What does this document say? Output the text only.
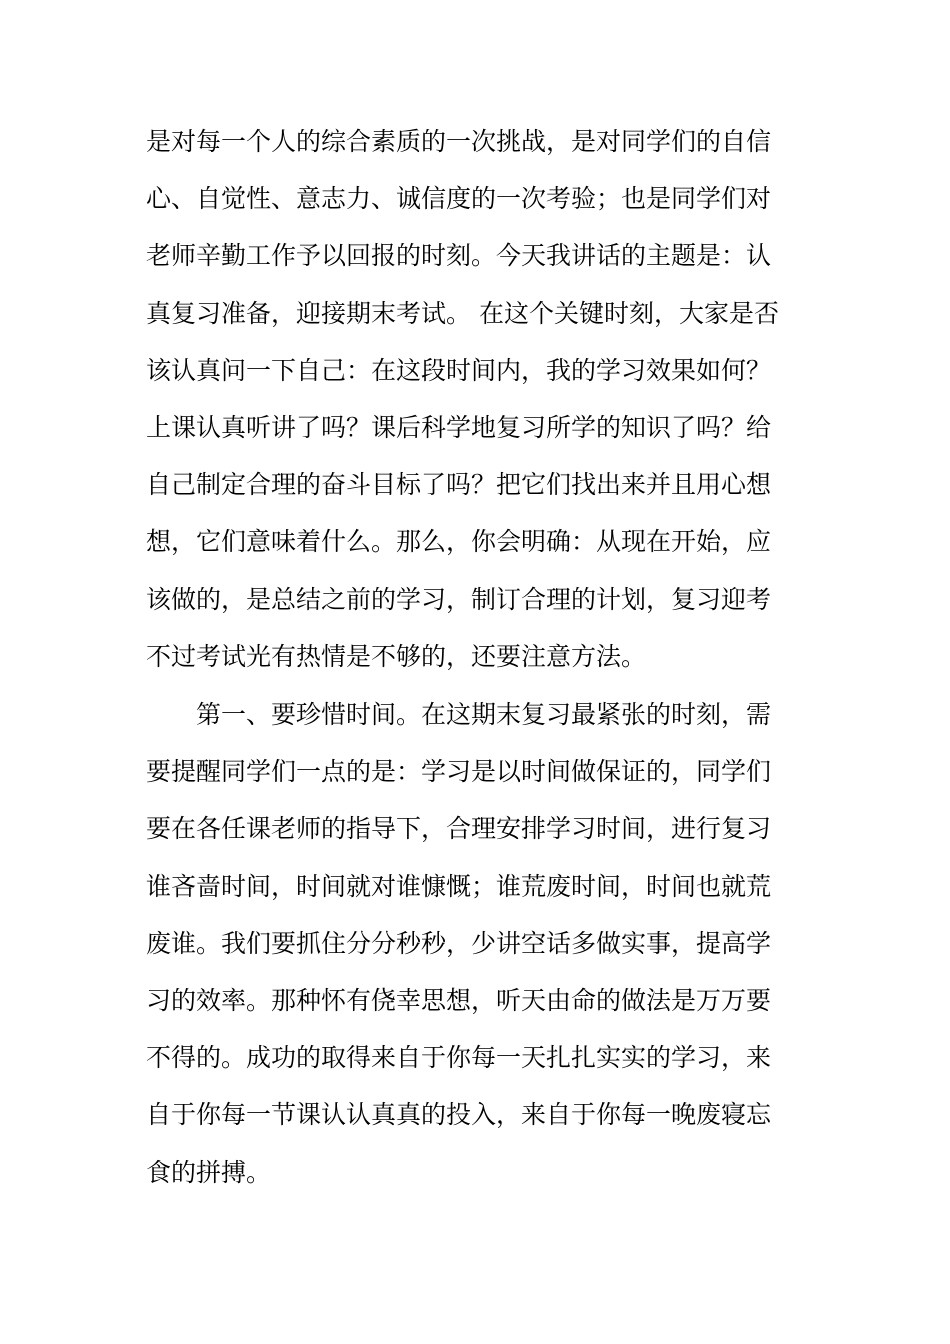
是对每一个人的综合素质的一次挑战，是对同学们的自信
心、自觉性、意志力、诚信度的一次考验；也是同学们对
老师辛勤工作予以回报的时刻。今天我讲话的主题是：认
真复习准备，迎接期末考试。 在这个关键时刻，大家是否
该认真问一下自己：在这段时间内，我的学习效果如何？
上课认真听讲了吗？课后科学地复习所学的知识了吗？给
自己制定合理的奋斗目标了吗？把它们找出来并且用心想
想，它们意味着什么。那么，你会明确：从现在开始，应
该做的，是总结之前的学习，制订合理的计划，复习迎考
不过考试光有热情是不够的，还要注意方法。
　　第一、要珍惜时间。在这期末复习最紧张的时刻，需
要提醒同学们一点的是：学习是以时间做保证的，同学们
要在各任课老师的指导下，合理安排学习时间，进行复习
谁吝啬时间，时间就对谁慷慨；谁荒废时间，时间也就荒
废谁。我们要抓住分分秒秒，少讲空话多做实事，提高学
习的效率。那种怀有侥幸思想，听天由命的做法是万万要
不得的。成功的取得来自于你每一天扎扎实实的学习，来
自于你每一节课认认真真的投入，来自于你每一晚废寝忘
食的拼搏。
